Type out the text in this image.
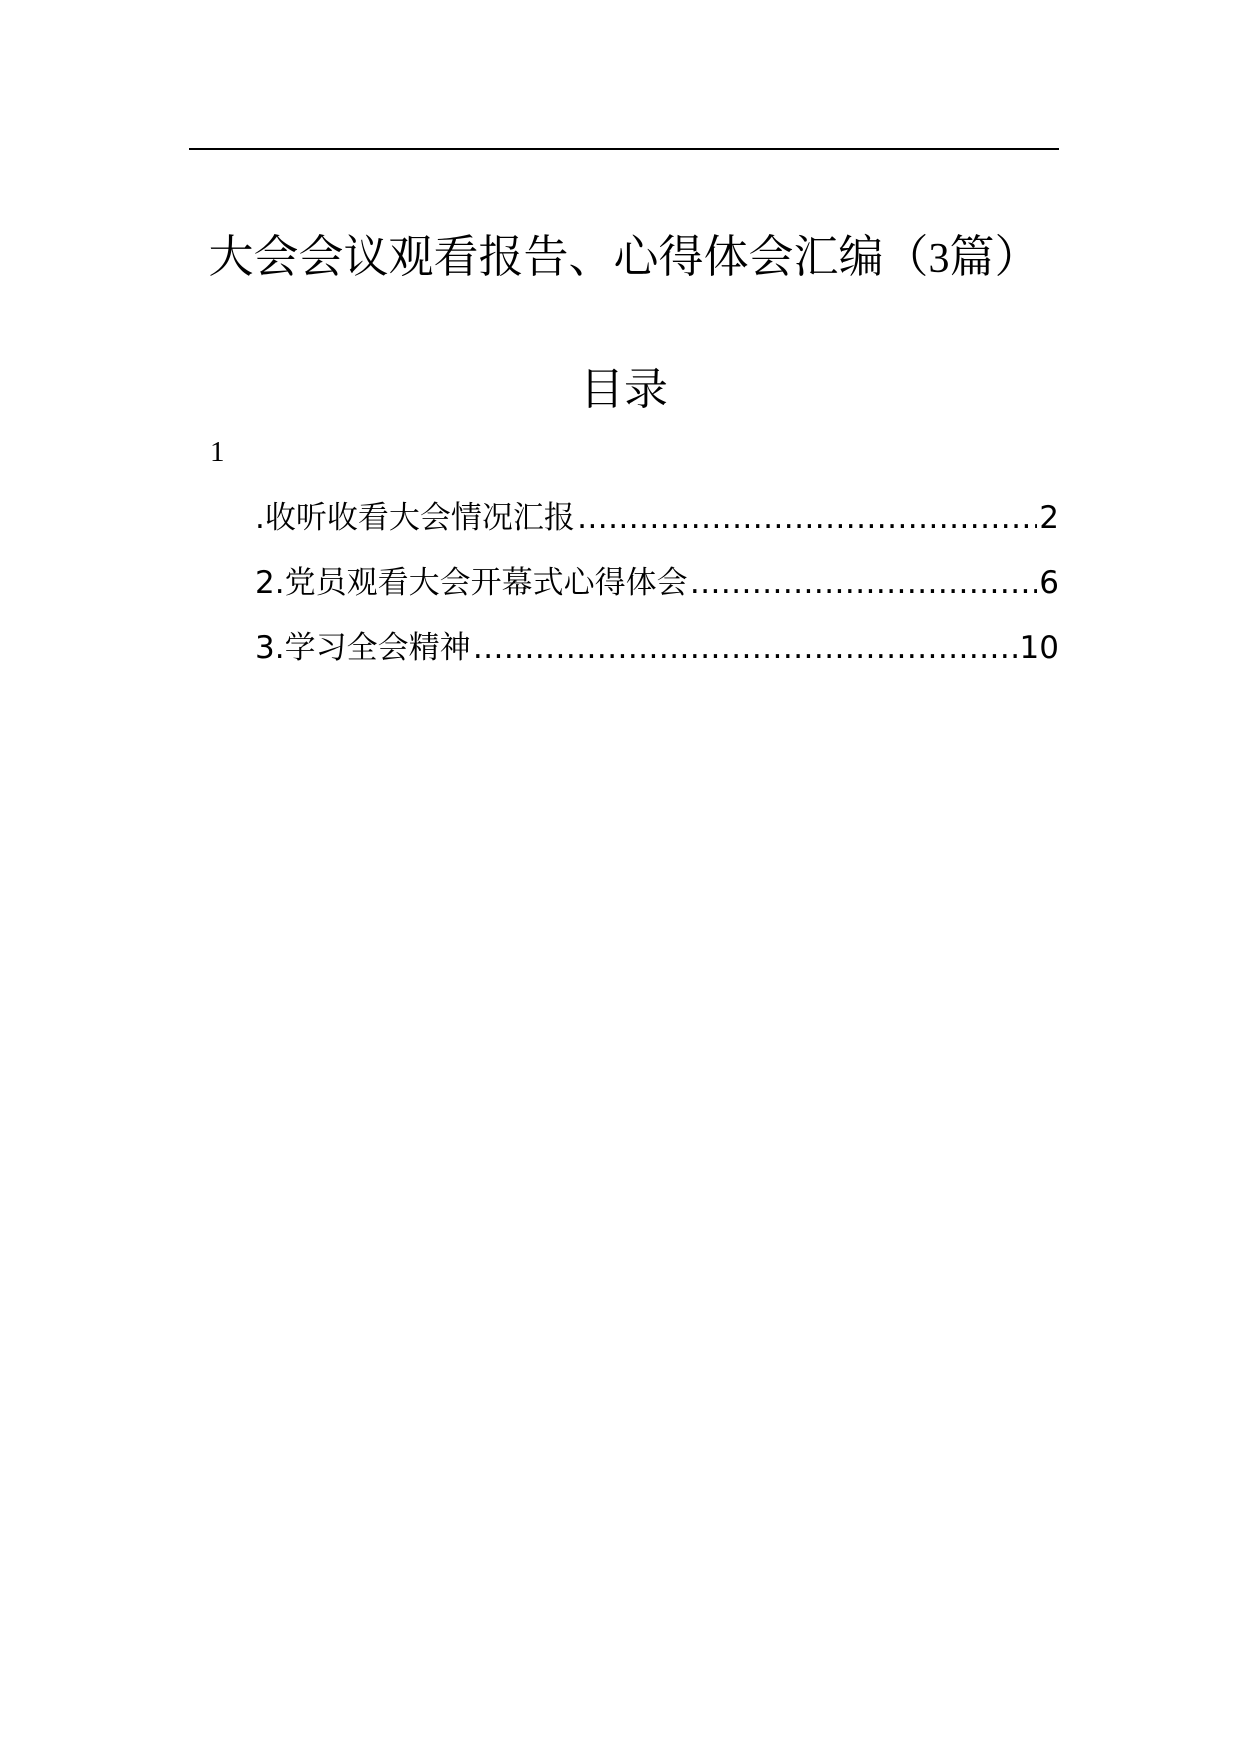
大会会议观看报告、心得体会汇编（3篇）
目录
1
.收听收看大会情况汇报 ……………………………………………………………………………………………………………………………………	2
2.党员观看大会开幕式心得体会 ……………………………………………………………………………………………………………………………………	6
3.学习全会精神 ……………………………………………………………………………………………………………………………………	10
